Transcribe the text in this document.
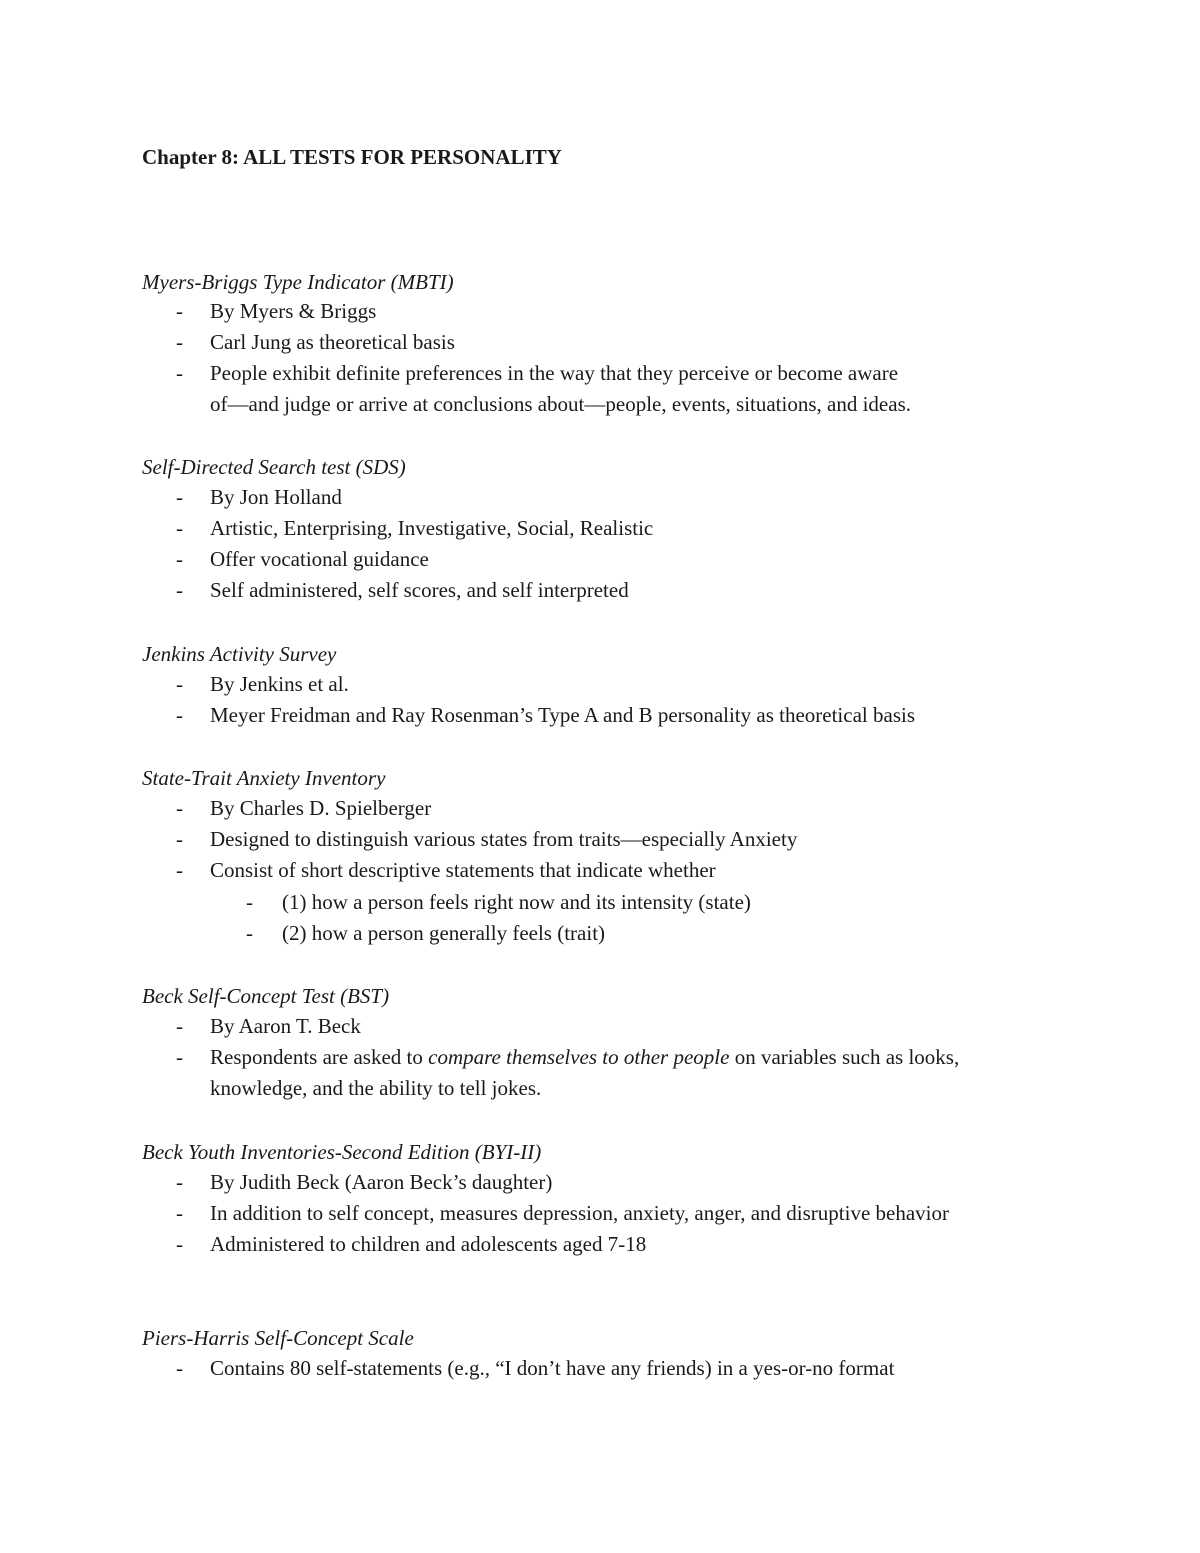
Chapter 8: ALL TESTS FOR PERSONALITY
Myers-Briggs Type Indicator (MBTI)
- By Myers & Briggs
- Carl Jung as theoretical basis
- People exhibit definite preferences in the way that they perceive or become aware
of—and judge or arrive at conclusions about—people, events, situations, and ideas.
Self-Directed Search test (SDS)
- By Jon Holland
- Artistic, Enterprising, Investigative, Social, Realistic
- Offer vocational guidance
- Self administered, self scores, and self interpreted
Jenkins Activity Survey
- By Jenkins et al.
- Meyer Freidman and Ray Rosenman’s Type A and B personality as theoretical basis
State-Trait Anxiety Inventory
- By Charles D. Spielberger
- Designed to distinguish various states from traits—especially Anxiety
- Consist of short descriptive statements that indicate whether
- (1) how a person feels right now and its intensity (state)
- (2) how a person generally feels (trait)
Beck Self-Concept Test (BST)
- By Aaron T. Beck
- Respondents are asked to compare themselves to other people on variables such as looks,
knowledge, and the ability to tell jokes.
Beck Youth Inventories-Second Edition (BYI-II)
- By Judith Beck (Aaron Beck’s daughter)
- In addition to self concept, measures depression, anxiety, anger, and disruptive behavior
- Administered to children and adolescents aged 7-18
Piers-Harris Self-Concept Scale
- Contains 80 self-statements (e.g., “I don’t have any friends) in a yes-or-no format
